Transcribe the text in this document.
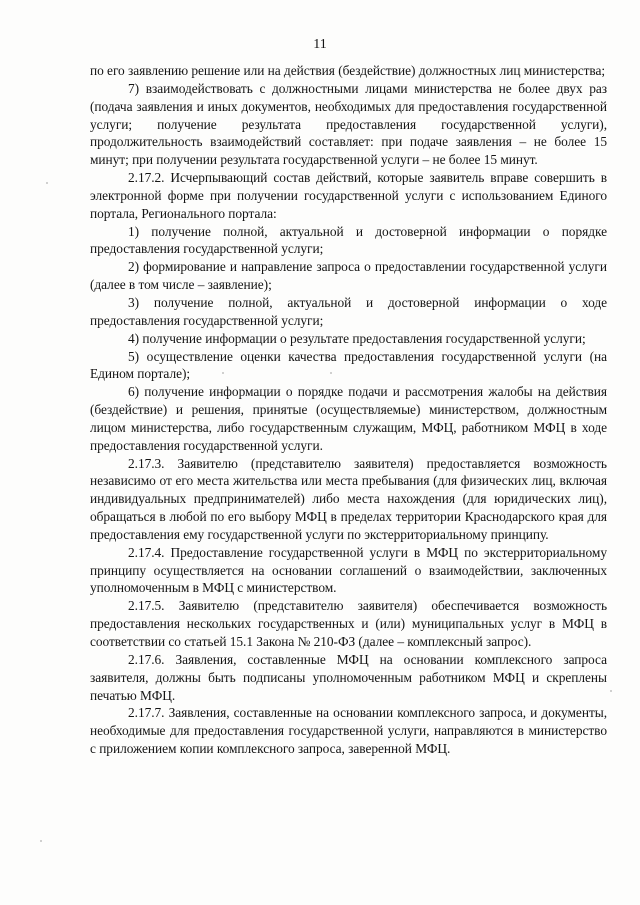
11

по его заявлению решение или на действия (бездействие) должностных лиц министерства;

7) взаимодействовать с должностными лицами министерства не более двух раз (подача заявления и иных документов, необходимых для предоставления государственной услуги; получение результата предоставления государственной услуги), продолжительность взаимодействий составляет: при подаче заявления – не более 15 минут; при получении результата государственной услуги – не более 15 минут.

2.17.2. Исчерпывающий состав действий, которые заявитель вправе совершить в электронной форме при получении государственной услуги с использованием Единого портала, Регионального портала:

1) получение полной, актуальной и достоверной информации о порядке предоставления государственной услуги;

2) формирование и направление запроса о предоставлении государственной услуги (далее в том числе – заявление);

3) получение полной, актуальной и достоверной информации о ходе предоставления государственной услуги;

4) получение информации о результате предоставления государственной услуги;

5) осуществление оценки качества предоставления государственной услуги (на Едином портале);

6) получение информации о порядке подачи и рассмотрения жалобы на действия (бездействие) и решения, принятые (осуществляемые) министерством, должностным лицом министерства, либо государственным служащим, МФЦ, работником МФЦ в ходе предоставления государственной услуги.

2.17.3. Заявителю (представителю заявителя) предоставляется возможность независимо от его места жительства или места пребывания (для физических лиц, включая индивидуальных предпринимателей) либо места нахождения (для юридических лиц), обращаться в любой по его выбору МФЦ в пределах территории Краснодарского края для предоставления ему государственной услуги по экстерриториальному принципу.

2.17.4. Предоставление государственной услуги в МФЦ по экстерриториальному принципу осуществляется на основании соглашений о взаимодействии, заключенных уполномоченным в МФЦ с министерством.

2.17.5. Заявителю (представителю заявителя) обеспечивается возможность предоставления нескольких государственных и (или) муниципальных услуг в МФЦ в соответствии со статьей 15.1 Закона № 210-ФЗ (далее – комплексный запрос).

2.17.6. Заявления, составленные МФЦ на основании комплексного запроса заявителя, должны быть подписаны уполномоченным работником МФЦ и скреплены печатью МФЦ.

2.17.7. Заявления, составленные на основании комплексного запроса, и документы, необходимые для предоставления государственной услуги, направляются в министерство с приложением копии комплексного запроса, заверенной МФЦ.
